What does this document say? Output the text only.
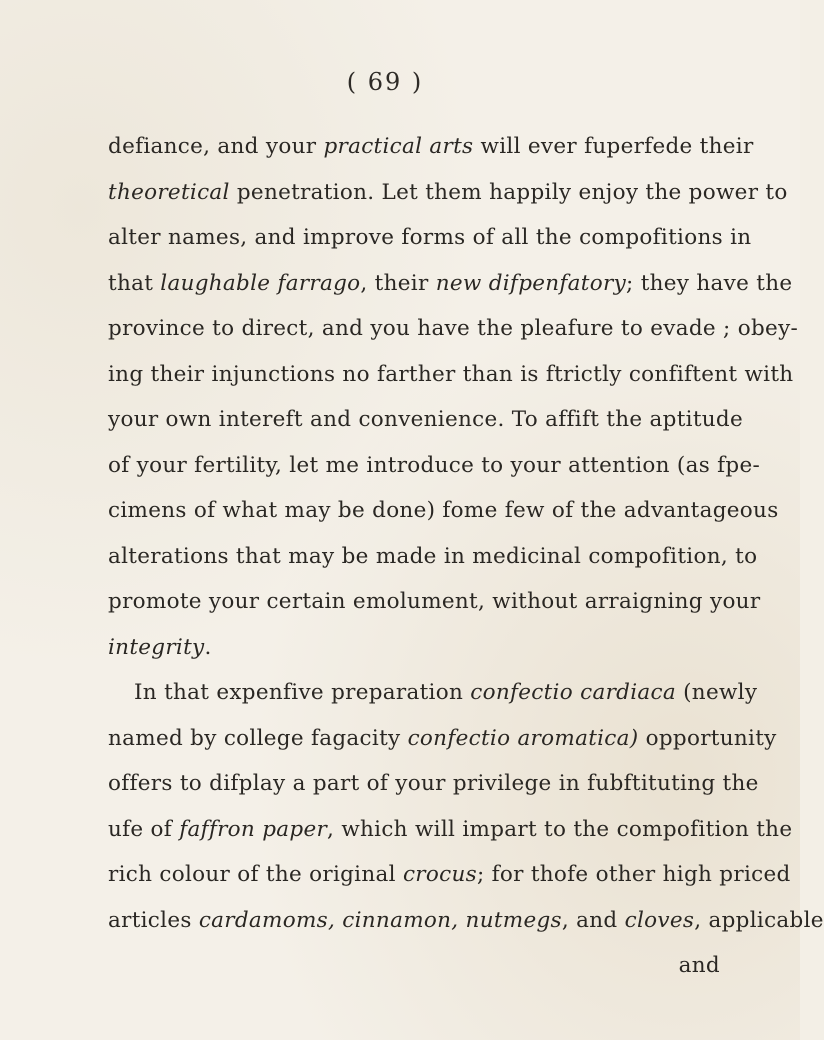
( 69 )
defiance, and your practical arts will ever fuperfede their
theoretical penetration. Let them happily enjoy the power to
alter names, and improve forms of all the compofitions in
that laughable farrago, their new difpenfatory; they have the
province to direct, and you have the pleafure to evade ; obey-
ing their injunctions no farther than is ftrictly confiftent with
your own intereft and convenience. To affift the aptitude
of your fertility, let me introduce to your attention (as fpe-
cimens of what may be done) fome few of the advantageous
alterations that may be made in medicinal compofition, to
promote your certain emolument, without arraigning your
integrity.
In that expenfive preparation confectio cardiaca (newly
named by college fagacity confectio aromatica) opportunity
offers to difplay a part of your privilege in fubftituting the
ufe of faffron paper, which will impart to the compofition the
rich colour of the original crocus; for thofe other high priced
articles cardamoms, cinnamon, nutmegs, and cloves, applicable
and
